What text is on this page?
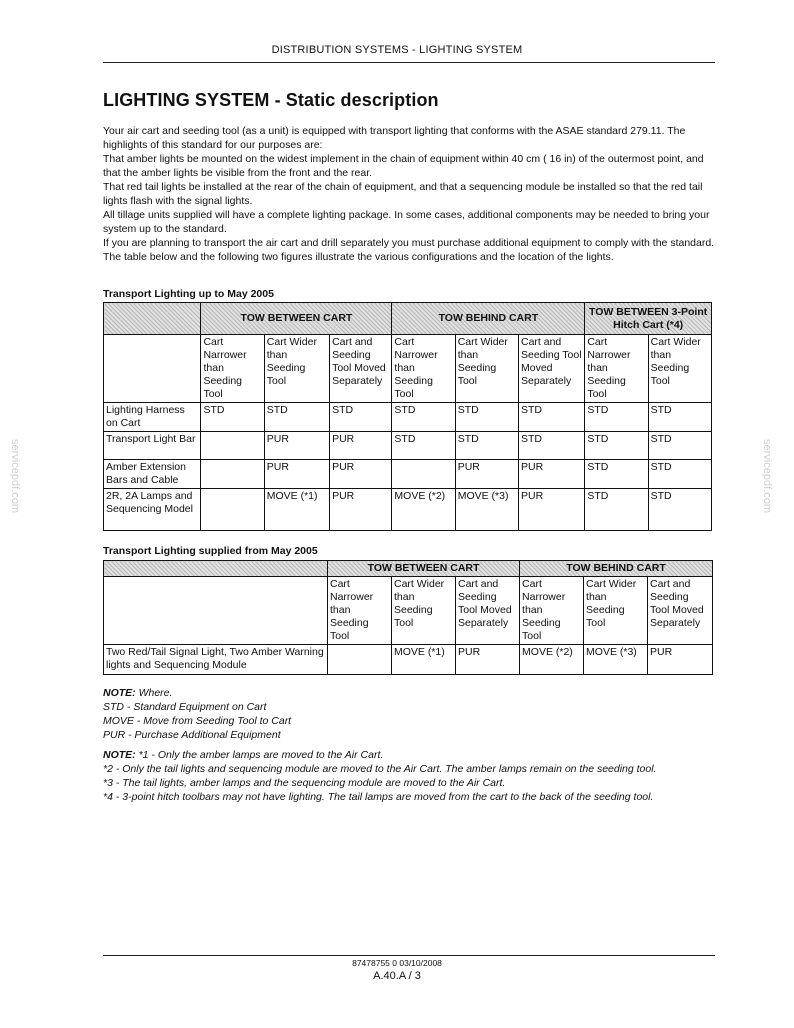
DISTRIBUTION SYSTEMS - LIGHTING SYSTEM
LIGHTING SYSTEM - Static description

Your air cart and seeding tool (as a unit) is equipped with transport lighting that conforms with the ASAE standard 279.11. The highlights of this standard for our purposes are:

That amber lights be mounted on the widest implement in the chain of equipment within 40 cm ( 16 in) of the outermost point, and that the amber lights be visible from the front and the rear.

That red tail lights be installed at the rear of the chain of equipment, and that a sequencing module be installed so that the red tail lights flash with the signal lights.

All tillage units supplied will have a complete lighting package. In some cases, additional components may be needed to bring your system up to the standard.

If you are planning to transport the air cart and drill separately you must purchase additional equipment to comply with the standard.

The table below and the following two figures illustrate the various configurations and the location of the lights.

Transport Lighting up to May 2005
	TOW BETWEEN CART			TOW BEHIND CART			TOW BETWEEN 3-Point Hitch Cart (*4)	
	Cart Narrower than Seeding Tool	Cart Wider than Seeding Tool	Cart and Seeding Tool Moved Separately	Cart Narrower than Seeding Tool	Cart Wider than Seeding Tool	Cart and Seeding Tool Moved Separately	Cart Narrower than Seeding Tool	Cart Wider than Seeding Tool
Lighting Harness on Cart	STD	STD	STD	STD	STD	STD	STD	STD
Transport Light Bar		PUR	PUR	STD	STD	STD	STD	STD
Amber Extension Bars and Cable		PUR	PUR		PUR	PUR	STD	STD
2R, 2A Lamps and Sequencing Model		MOVE (*1)	PUR	MOVE (*2)	MOVE (*3)	PUR	STD	STD
Transport Lighting supplied from May 2005
	TOW BETWEEN CART			TOW BEHIND CART		
	Cart Narrower than Seeding Tool	Cart Wider than Seeding Tool	Cart and Seeding Tool Moved Separately	Cart Narrower than Seeding Tool	Cart Wider than Seeding Tool	Cart and Seeding Tool Moved Separately
Two Red/Tail Signal Light, Two Amber Warning lights and Sequencing Module		MOVE (*1)	PUR	MOVE (*2)	MOVE (*3)	PUR

NOTE: Where.

STD - Standard Equipment on Cart

MOVE - Move from Seeding Tool to Cart

PUR - Purchase Additional Equipment

NOTE: *1 - Only the amber lamps are moved to the Air Cart.

*2 - Only the tail lights and sequencing module are moved to the Air Cart. The amber lamps remain on the seeding tool.

*3 - The tail lights, amber lamps and the sequencing module are moved to the Air Cart.

*4 - 3-point hitch toolbars may not have lighting. The tail lamps are moved from the cart to the back of the seeding tool.

87478755 0 03/10/2008
A.40.A / 3
servicepdf.com	servicepdf.com
